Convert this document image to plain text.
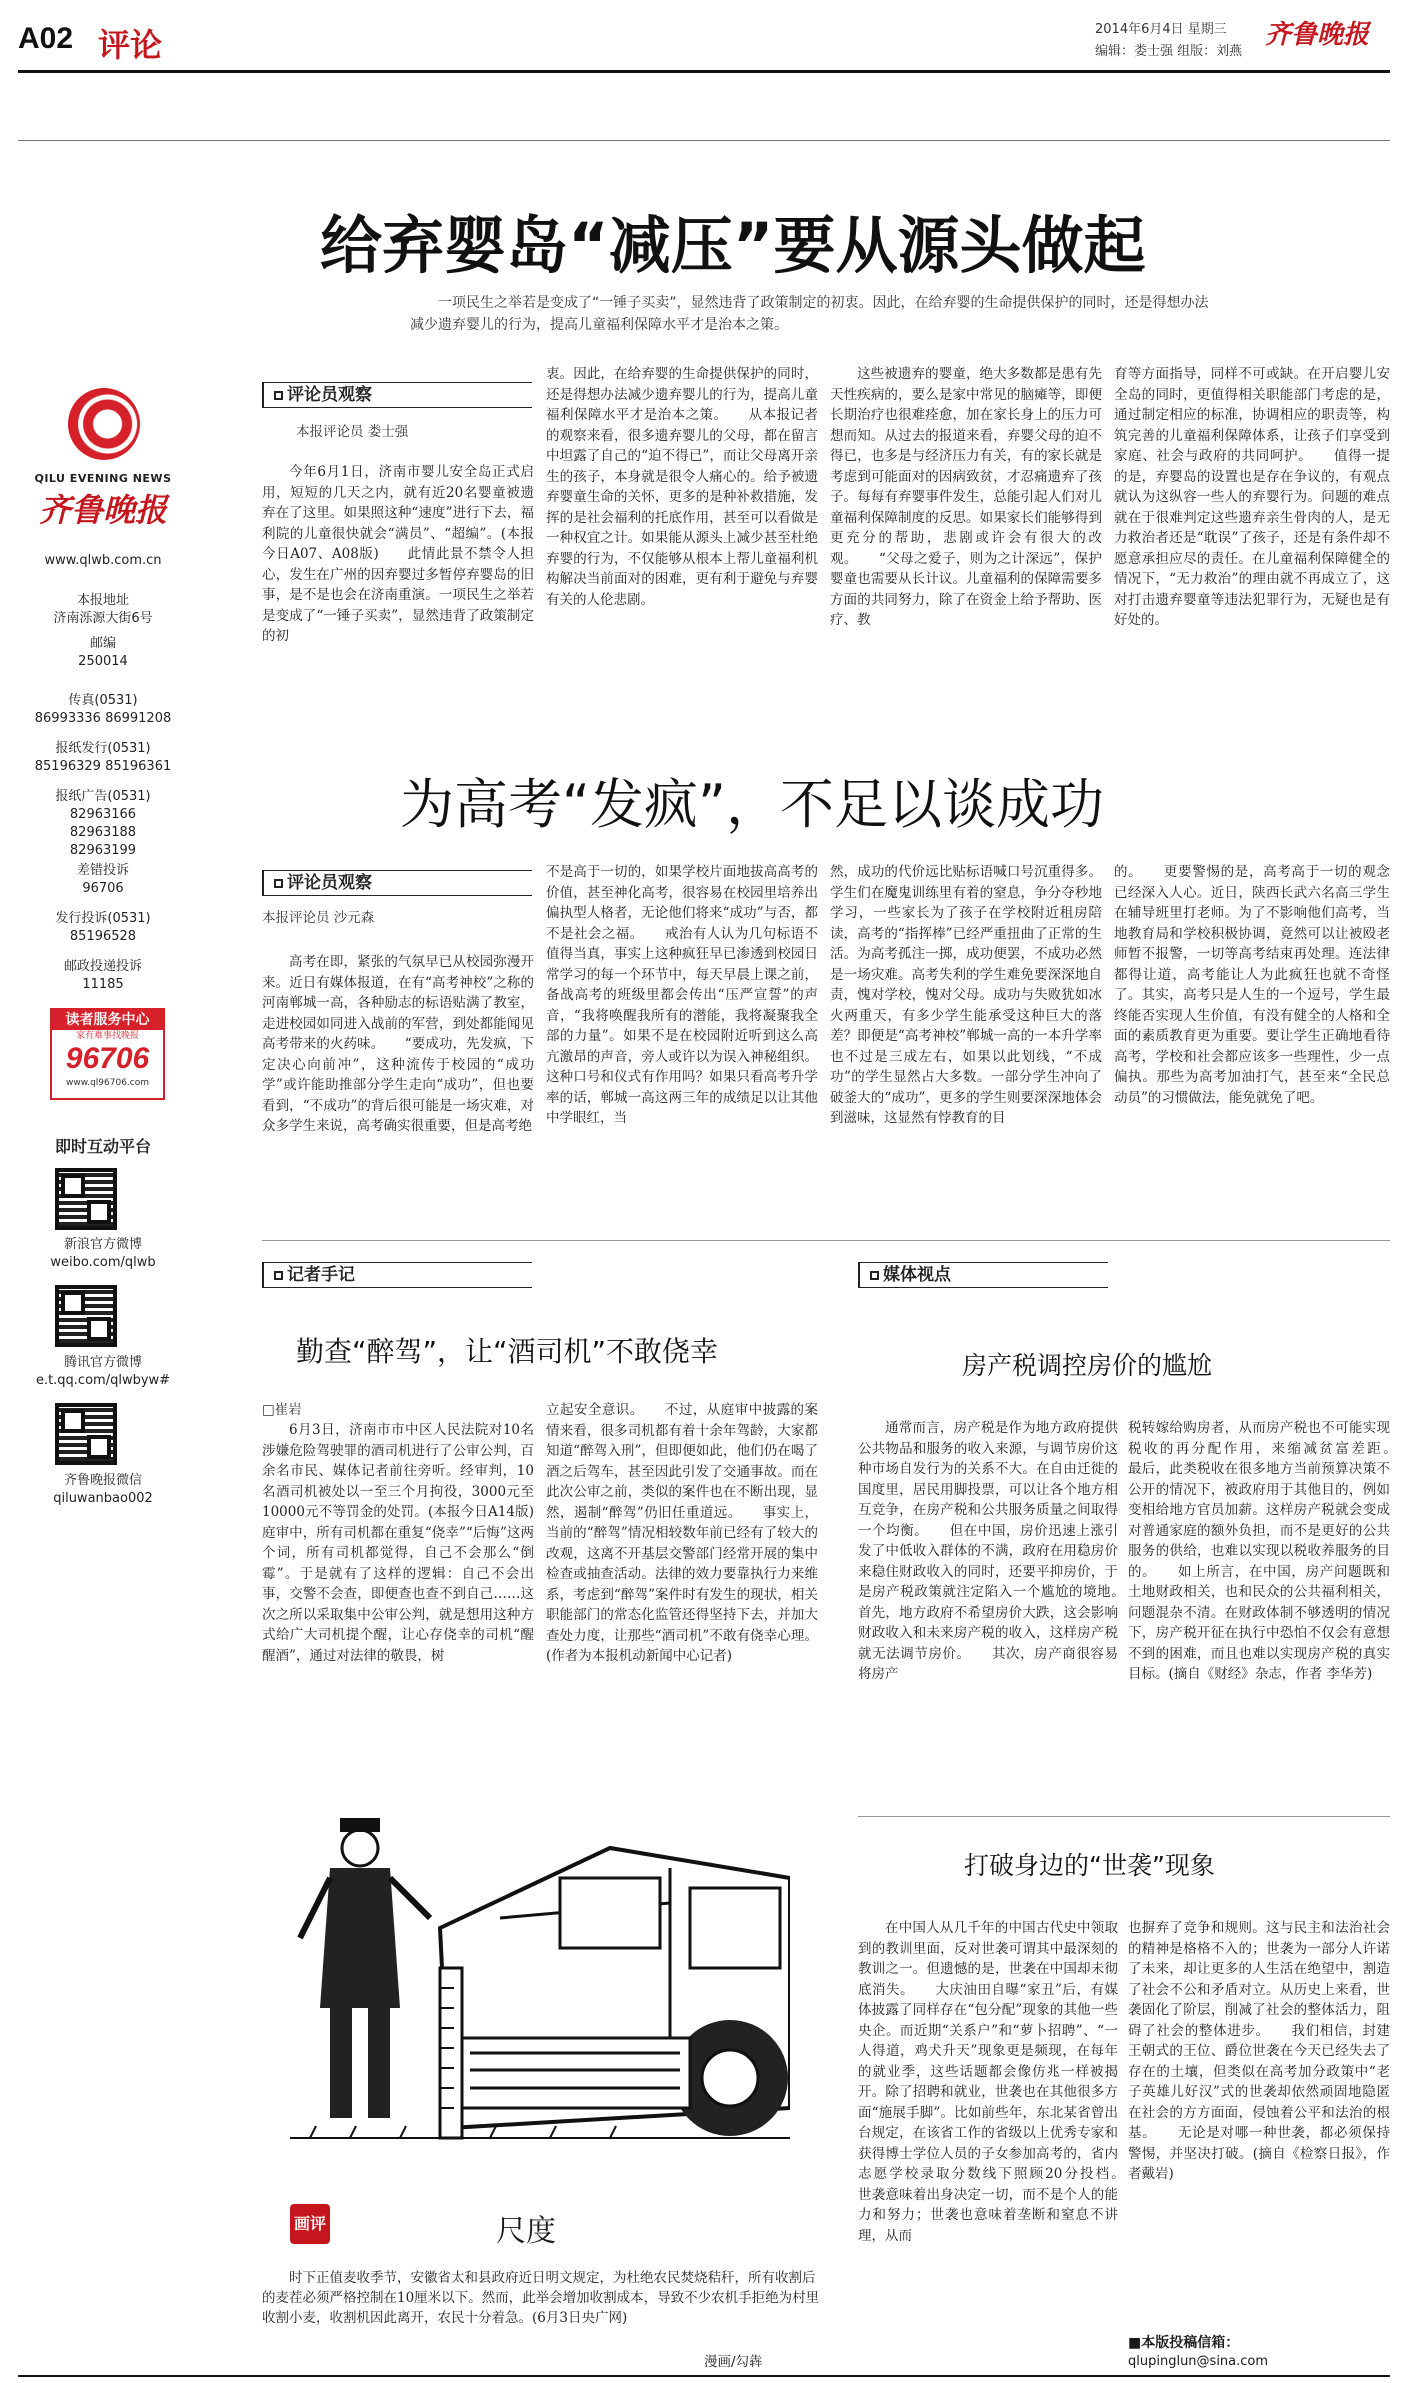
A02 评论	2014年6月4日 星期三
编辑：娄士强 组版：刘燕
齐鲁晚报
QILU EVENING NEWS
齐鲁晚报
www.qlwb.com.cn
本报地址
济南泺源大街6号
邮编
250014
传真(0531)
86993336 86991208
报纸发行(0531)
85196329 85196361
报纸广告(0531)
82963166 82963188 82963199
差错投诉
96706
发行投诉(0531)
85196528
邮政投递投诉
11185
读者服务中心
家有难事找晚报
96706
www.ql96706.com
即时互动平台
新浪官方微博
weibo.com/qlwb
腾讯官方微博
e.t.qq.com/qlwbyw#
齐鲁晚报微信
qiluwanbao002
给弃婴岛“减压”要从源头做起
一项民生之举若是变成了“一锤子买卖”，显然违背了政策制定的初衷。因此，在给弃婴的生命提供保护的同时，还是得想办法减少遗弃婴儿的行为，提高儿童福利保障水平才是治本之策。
评论员观察
本报评论员 娄士强

今年6月1日，济南市婴儿安全岛正式启用，短短的几天之内，就有近20名婴童被遗弃在了这里。如果照这种“速度”进行下去，福利院的儿童很快就会“满员”、“超编”。(本报今日A07、A08版)　　此情此景不禁令人担心，发生在广州的因弃婴过多暂停弃婴岛的旧事，是不是也会在济南重演。一项民生之举若是变成了“一锤子买卖”，显然违背了政策制定的初

衷。因此，在给弃婴的生命提供保护的同时，还是得想办法减少遗弃婴儿的行为，提高儿童福利保障水平才是治本之策。　　从本报记者的观察来看，很多遗弃婴儿的父母，都在留言中坦露了自己的“迫不得已”，而让父母离开亲生的孩子，本身就是很令人痛心的。给予被遗弃婴童生命的关怀，更多的是种补救措施，发挥的是社会福利的托底作用，甚至可以看做是一种权宜之计。如果能从源头上减少甚至杜绝弃婴的行为，不仅能够从根本上帮儿童福利机构解决当前面对的困难，更有利于避免与弃婴有关的人伦悲剧。

这些被遗弃的婴童，绝大多数都是患有先天性疾病的，要么是家中常见的脑瘫等，即便长期治疗也很难痊愈，加在家长身上的压力可想而知。从过去的报道来看，弃婴父母的迫不得已，也多是与经济压力有关，有的家长就是考虑到可能面对的因病致贫，才忍痛遗弃了孩子。每每有弃婴事件发生，总能引起人们对儿童福利保障制度的反思。如果家长们能够得到更充分的帮助，悲剧或许会有很大的改观。　　“父母之爱子，则为之计深远”，保护婴童也需要从长计议。儿童福利的保障需要多方面的共同努力，除了在资金上给予帮助、医疗、教

育等方面指导，同样不可或缺。在开启婴儿安全岛的同时，更值得相关职能部门考虑的是，通过制定相应的标准，协调相应的职责等，构筑完善的儿童福利保障体系，让孩子们享受到家庭、社会与政府的共同呵护。　　值得一提的是，弃婴岛的设置也是存在争议的，有观点就认为这纵容一些人的弃婴行为。问题的难点就在于很难判定这些遗弃亲生骨肉的人，是无力救治者还是“耽误”了孩子，还是有条件却不愿意承担应尽的责任。在儿童福利保障健全的情况下，“无力救治”的理由就不再成立了，这对打击遗弃婴童等违法犯罪行为，无疑也是有好处的。

为高考“发疯”，不足以谈成功
评论员观察
本报评论员 沙元森

高考在即，紧张的气氛早已从校园弥漫开来。近日有媒体报道，在有“高考神校”之称的河南郸城一高，各种励志的标语贴满了教室，走进校园如同进入战前的军营，到处都能闻见高考带来的火药味。　　“要成功，先发疯，下定决心向前冲”，这种流传于校园的“成功学”或许能助推部分学生走向“成功”，但也要看到，“不成功”的背后很可能是一场灾难，对众多学生来说，高考确实很重要，但是高考绝

不是高于一切的，如果学校片面地拔高高考的价值，甚至神化高考，很容易在校园里培养出偏执型人格者，无论他们将来“成功”与否，都不是社会之福。　　戒治有人认为几句标语不值得当真，事实上这种疯狂早已渗透到校园日常学习的每一个环节中，每天早晨上课之前，备战高考的班级里都会传出“压严宣誓”的声音，“我将唤醒我所有的潜能，我将凝聚我全部的力量”。如果不是在校园附近听到这么高亢激昂的声音，旁人或许以为误入神秘组织。这种口号和仪式有作用吗？如果只看高考升学率的话，郸城一高这两三年的成绩足以让其他中学眼红，当

然，成功的代价远比贴标语喊口号沉重得多。学生们在魔鬼训练里有着的窒息，争分夺秒地学习，一些家长为了孩子在学校附近租房陪读，高考的“指挥棒”已经严重扭曲了正常的生活。为高考孤注一掷，成功便罢，不成功必然是一场灾难。高考失利的学生难免要深深地自责，愧对学校，愧对父母。成功与失败犹如冰火两重天，有多少学生能承受这种巨大的落差？即便是“高考神校”郸城一高的一本升学率也不过是三成左右，如果以此划线，“不成功”的学生显然占大多数。一部分学生冲向了破釜大的“成功”，更多的学生则要深深地体会到滋味，这显然有悖教育的目

的。　　更要警惕的是，高考高于一切的观念已经深入人心。近日，陕西长武六名高三学生在辅导班里打老师。为了不影响他们高考，当地教育局和学校积极协调，竟然可以让被殴老师暂不报警，一切等高考结束再处理。连法律都得让道，高考能让人为此疯狂也就不奇怪了。其实，高考只是人生的一个逗号，学生最终能否实现人生价值，有没有健全的人格和全面的素质教育更为重要。要让学生正确地看待高考，学校和社会都应该多一些理性，少一点偏执。那些为高考加油打气，甚至来“全民总动员”的习惯做法，能免就免了吧。

记者手记
勤查“醉驾”，让“酒司机”不敢侥幸
□崔岩

6月3日，济南市市中区人民法院对10名涉嫌危险驾驶罪的酒司机进行了公审公判，百余名市民、媒体记者前往旁听。经审判，10名酒司机被处以一至三个月拘役，3000元至10000元不等罚金的处罚。(本报今日A14版)　　庭审中，所有司机都在重复“侥幸”“后悔”这两个词，所有司机都觉得，自己不会那么“倒霉”。于是就有了这样的逻辑：自己不会出事，交警不会查，即便查也查不到自己……这次之所以采取集中公审公判，就是想用这种方式给广大司机提个醒，让心存侥幸的司机“醒醒酒”，通过对法律的敬畏，树

立起安全意识。　　不过，从庭审中披露的案情来看，很多司机都有着十余年驾龄，大家都知道“醉驾入刑”，但即便如此，他们仍在喝了酒之后驾车，甚至因此引发了交通事故。而在此次公审之前，类似的案件也在不断出现，显然，遏制“醉驾”仍旧任重道远。　　事实上，当前的“醉驾”情况相较数年前已经有了较大的改观，这离不开基层交警部门经常开展的集中检查或抽查活动。法律的效力要靠执行力来维系，考虑到“醉驾”案件时有发生的现状，相关职能部门的常态化监管还得坚持下去，并加大查处力度，让那些“酒司机”不敢有侥幸心理。(作者为本报机动新闻中心记者)

媒体视点
房产税调控房价的尴尬

通常而言，房产税是作为地方政府提供公共物品和服务的收入来源，与调节房价这种市场自发行为的关系不大。在自由迁徙的国度里，居民用脚投票，可以让各个地方相互竞争，在房产税和公共服务质量之间取得一个均衡。　　但在中国，房价迅速上涨引发了中低收入群体的不满，政府在用稳房价来稳住财政收入的同时，还要平抑房价，于是房产税政策就注定陷入一个尴尬的境地。　　首先，地方政府不希望房价大跌，这会影响财政收入和未来房产税的收入，这样房产税就无法调节房价。　　其次，房产商很容易将房产

税转嫁给购房者，从而房产税也不可能实现税收的再分配作用，来缩减贫富差距。　　最后，此类税收在很多地方当前预算决策不公开的情况下，被政府用于其他目的，例如变相给地方官员加薪。这样房产税就会变成对普通家庭的额外负担，而不是更好的公共服务的供给，也难以实现以税收养服务的目的。　　如上所言，在中国，房产问题既和土地财政相关，也和民众的公共福利相关，问题混杂不清。在财政体制不够透明的情况下，房产税开征在执行中恐怕不仅会有意想不到的困难，而且也难以实现房产税的真实目标。(摘自《财经》杂志，作者 李华芳)

打破身边的“世袭”现象

在中国人从几千年的中国古代史中领取到的教训里面，反对世袭可谓其中最深刻的教训之一。但遗憾的是，世袭在中国却未彻底消失。　　大庆油田自曝“家丑”后，有媒体披露了同样存在“包分配”现象的其他一些央企。而近期“关系户”和“萝卜招聘”、“一人得道，鸡犬升天”现象更是频现，在每年的就业季，这些话题都会像仿兆一样被揭开。除了招聘和就业，世袭也在其他很多方面“施展手脚”。比如前些年，东北某省曾出台规定，在该省工作的省级以上优秀专家和获得博士学位人员的子女参加高考的，省内志愿学校录取分数线下照顾20分投档。　　世袭意味着出身决定一切，而不是个人的能力和努力；世袭也意味着垄断和窒息不讲理，从而

也摒弃了竞争和规则。这与民主和法治社会的精神是格格不入的；世袭为一部分人许诺了未来，却让更多的人生活在绝望中，割造了社会不公和矛盾对立。从历史上来看，世袭固化了阶层，削减了社会的整体活力，阻碍了社会的整体进步。　　我们相信，封建王朝式的王位、爵位世袭在今天已经失去了存在的土壤，但类似在高考加分政策中“老子英雄儿好汉”式的世袭却依然顽固地隐匿在社会的方方面面，侵蚀着公平和法治的根基。　　无论是对哪一种世袭，都必须保持警惕，并坚决打破。(摘自《检察日报》，作者戴岩)

■本版投稿信箱：
qlupinglun@sina.com
画评	尺度
时下正值麦收季节，安徽省太和县政府近日明文规定，为杜绝农民焚烧秸秆，所有收割后的麦茬必须严格控制在10厘米以下。然而，此举会增加收割成本，导致不少农机手拒绝为村里收割小麦，收割机因此离开，农民十分着急。(6月3日央广网)
漫画/勾犇
